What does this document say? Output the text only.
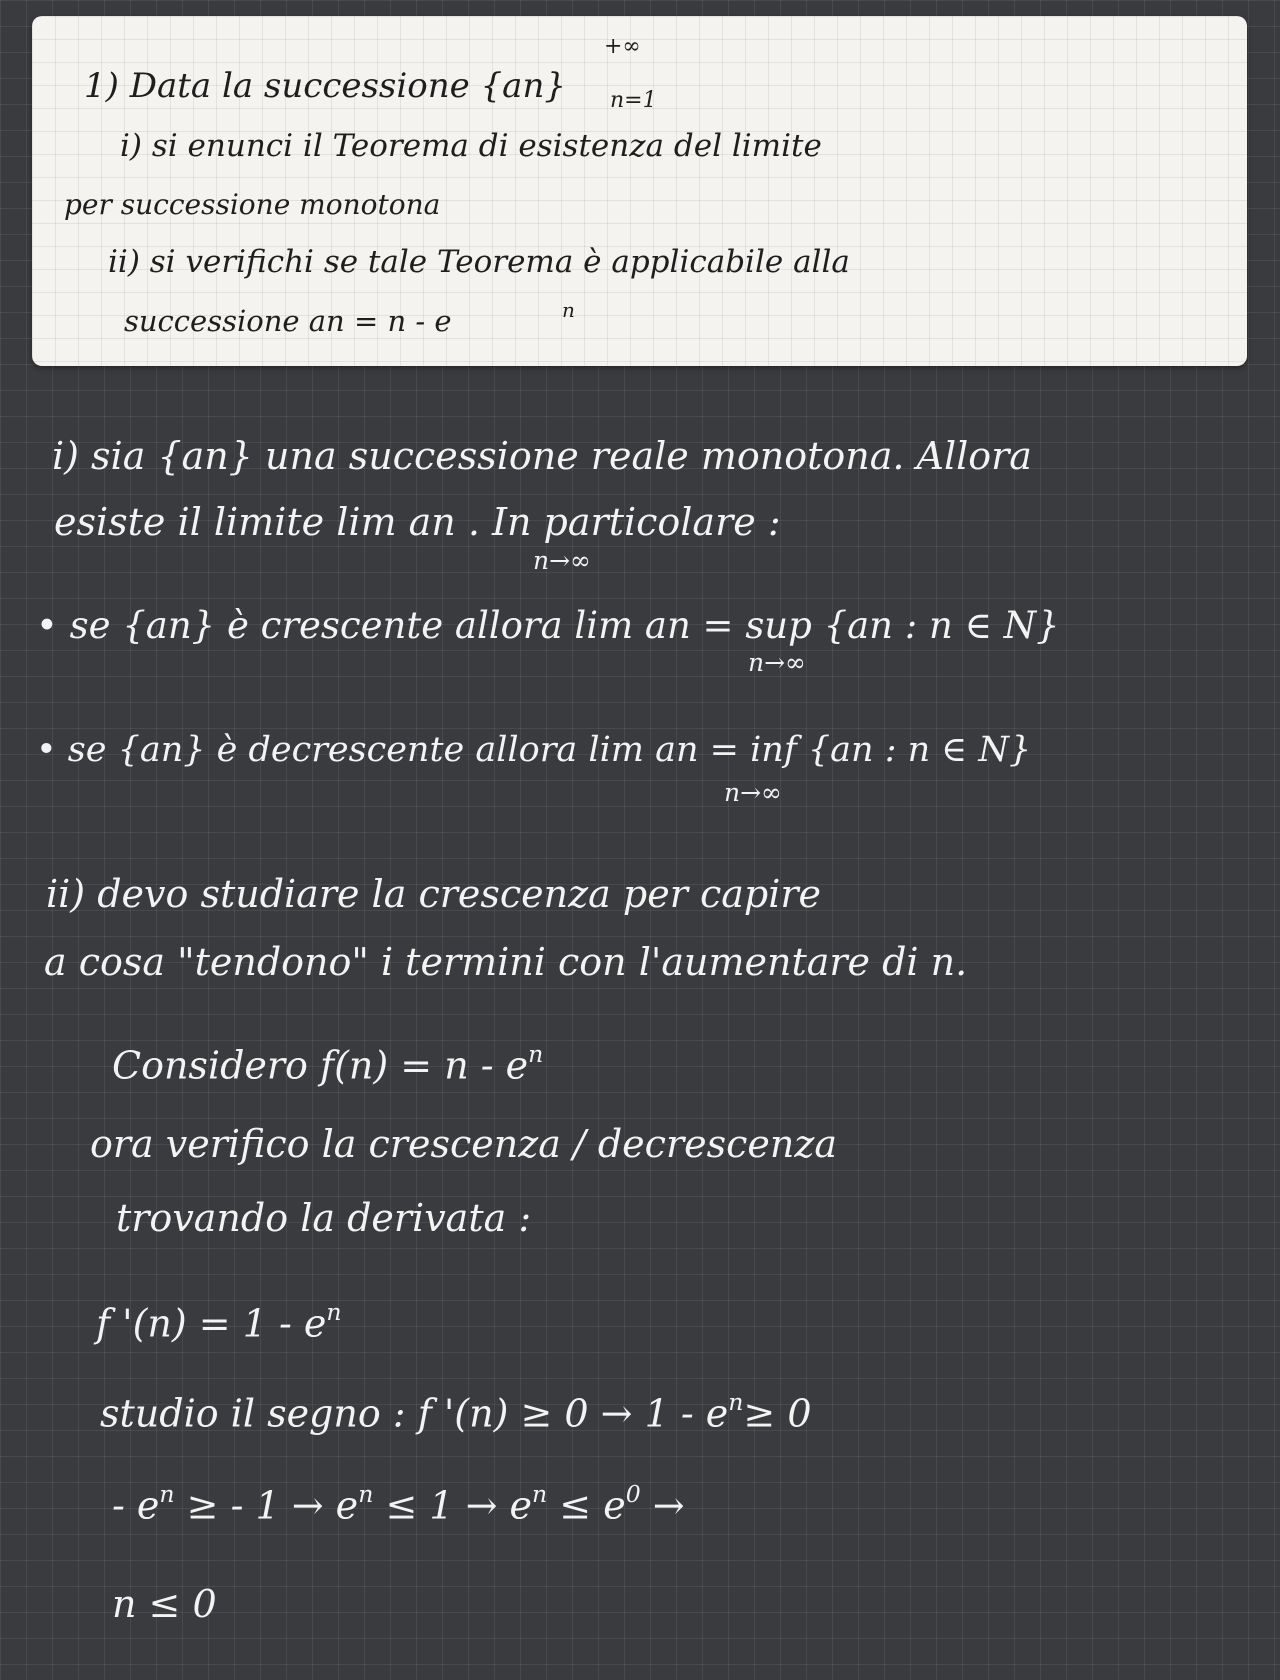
1) Data la successione {an}
+∞
n=1
i) si enunci il Teorema di esistenza del limite
per successione monotona
ii) si verifichi se tale Teorema è applicabile alla
successione an = n - e	n
i) sia {an} una successione reale monotona. Allora
esiste il limite lim an . In particolare :
n→∞
• se {an} è crescente allora lim an = sup {an : n ∈ N}
n→∞
• se {an} è decrescente allora lim an = inf {an : n ∈ N}
n→∞
ii) devo studiare la crescenza per capire
a cosa "tendono" i termini con l'aumentare di n.
Considero $f(n) = n - e^n$
ora verifico la crescenza / decrescenza
trovando la derivata :
f '$(n) = 1 - e^n$
studio il segno : f '$(n) \ge 0 \to 1 - e^n\ge 0$
- $e^n$ ≥ - $1 \to e^n \le 1 \to e^n \le e^0$ →
n ≤ 0
